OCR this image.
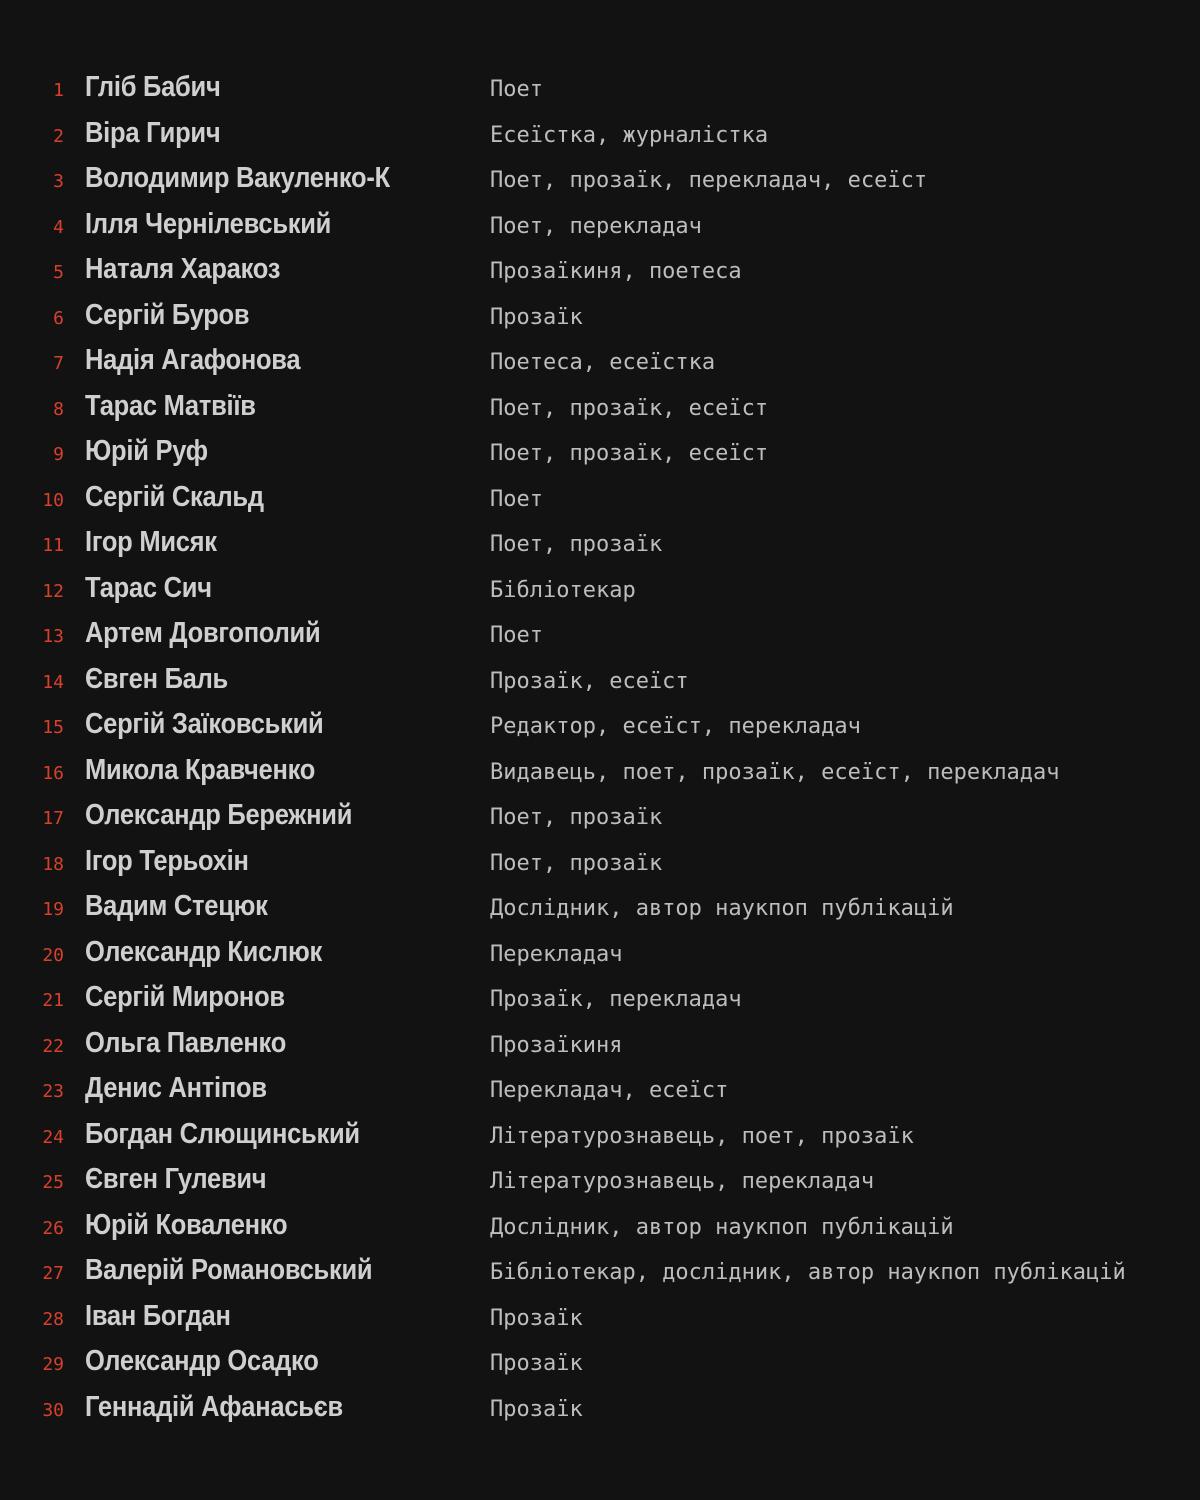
1 Гліб Бабич	Поет
2 Віра Гирич	Есеїстка, журналістка
3 Володимир Вакуленко-К	Поет, прозаїк, перекладач, есеїст
4 Ілля Чернілевський	Поет, перекладач
5 Наталя Харакоз	Прозаїкиня, поетеса
6 Сергій Буров	Прозаїк
7 Надія Агафонова	Поетеса, есеїстка
8 Тарас Матвіїв	Поет, прозаїк, есеїст
9 Юрій Руф	Поет, прозаїк, есеїст
10 Сергій Скальд	Поет
11 Ігор Мисяк	Поет, прозаїк
12 Тарас Сич	Бібліотекар
13 Артем Довгополий	Поет
14 Євген Баль	Прозаїк, есеїст
15 Сергій Заїковський	Редактор, есеїст, перекладач
16 Микола Кравченко	Видавець, поет, прозаїк, есеїст, перекладач
17 Олександр Бережний	Поет, прозаїк
18 Ігор Терьохін	Поет, прозаїк
19 Вадим Стецюк	Дослідник, автор наукпоп публікацій
20 Олександр Кислюк	Перекладач
21 Сергій Миронов	Прозаїк, перекладач
22 Ольга Павленко	Прозаїкиня
23 Денис Антіпов	Перекладач, есеїст
24 Богдан Слющинський	Літературознавець, поет, прозаїк
25 Євген Гулевич	Літературознавець, перекладач
26 Юрій Коваленко	Дослідник, автор наукпоп публікацій
27 Валерій Романовський	Бібліотекар, дослідник, автор наукпоп публікацій
28 Іван Богдан	Прозаїк
29 Олександр Осадко	Прозаїк
30 Геннадій Афанасьєв	Прозаїк
